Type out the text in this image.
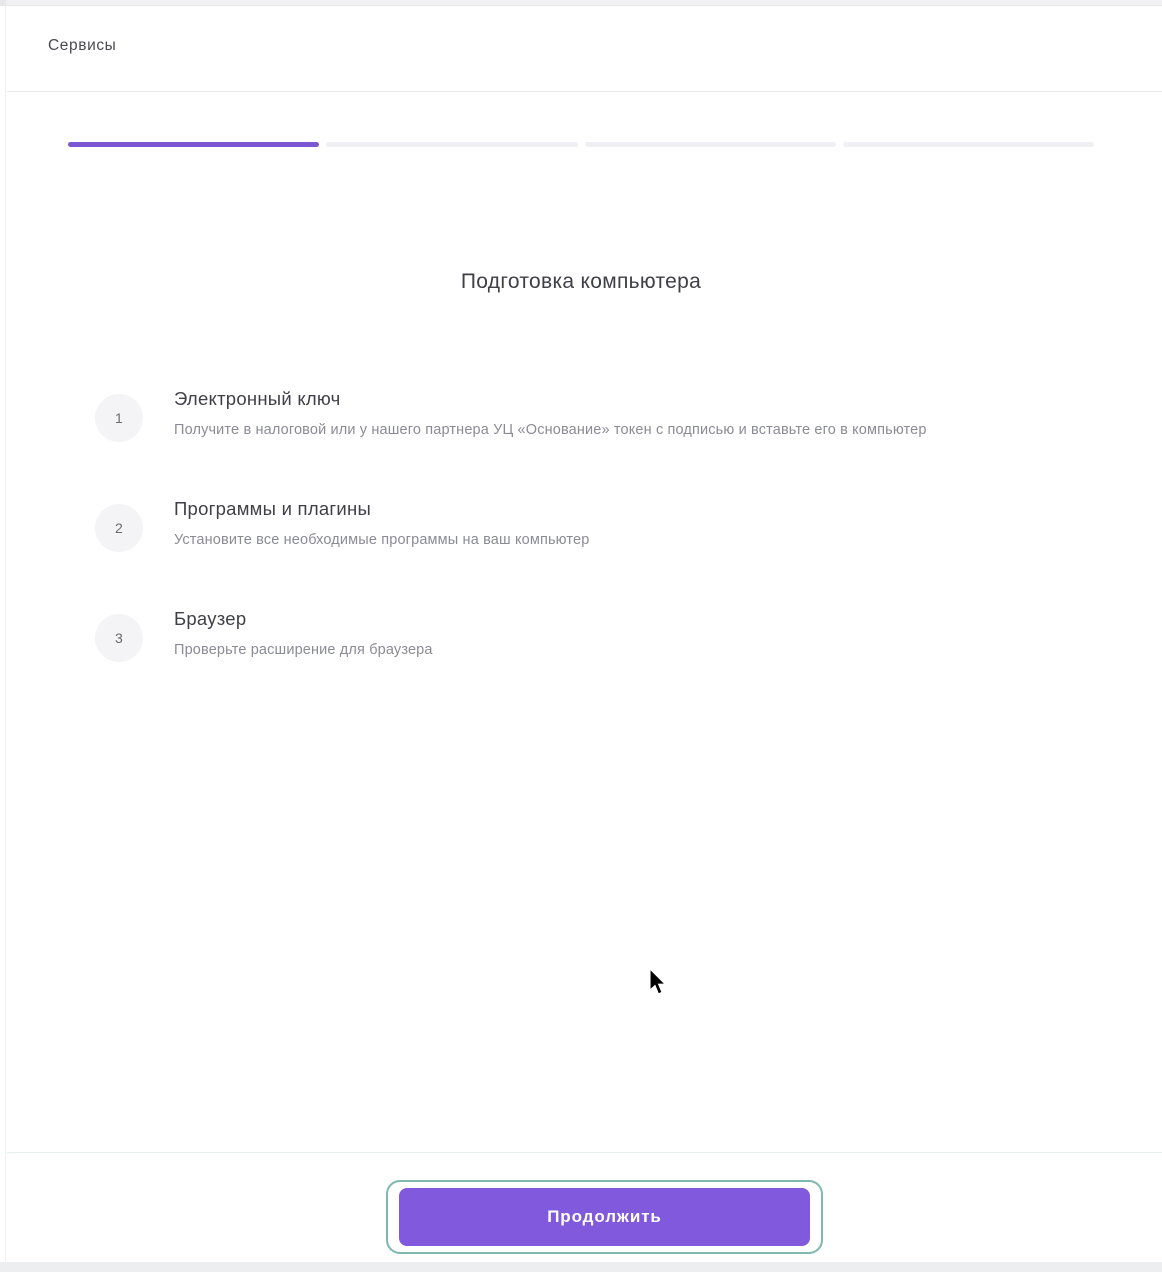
Сервисы
Подготовка компьютера
1

Электронный ключ

Получите в налоговой или у нашего партнера УЦ «Основание» токен с подписью и вставьте его в компьютер

2

Программы и плагины

Установите все необходимые программы на ваш компьютер

3

Браузер

Проверьте расширение для браузера

Продолжить
